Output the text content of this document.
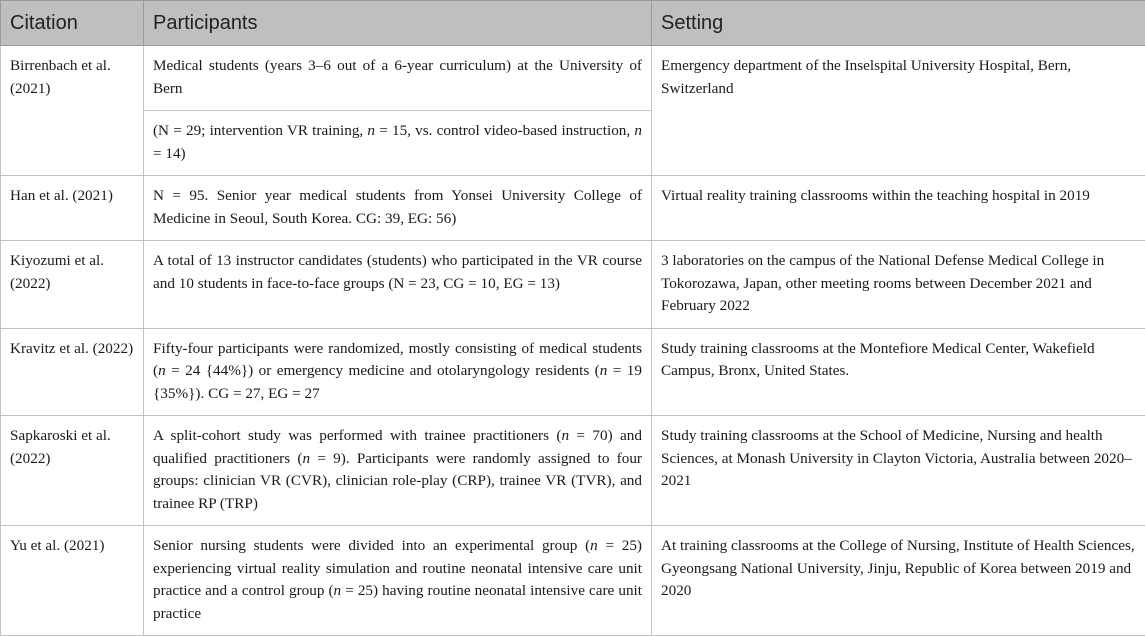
Citation	Participants	Setting
Birrenbach et al. (2021)	Medical students (years 3–6 out of a 6-year curriculum) at the University of Bern	Emergency department of the Inselspital University Hospital, Bern, Switzerland
	(N = 29; intervention VR training, n = 15, vs. control video-based instruction, n = 14)	
Han et al. (2021)	N = 95. Senior year medical students from Yonsei University College of Medicine in Seoul, South Korea. CG: 39, EG: 56)	Virtual reality training classrooms within the teaching hospital in 2019
Kiyozumi et al. (2022)	A total of 13 instructor candidates (students) who participated in the VR course and 10 students in face-to-face groups (N = 23, CG = 10, EG = 13)	3 laboratories on the campus of the National Defense Medical College in Tokorozawa, Japan, other meeting rooms between December 2021 and February 2022
Kravitz et al. (2022)	Fifty-four participants were randomized, mostly consisting of medical students (n = 24 {44%}) or emergency medicine and otolaryngology residents (n = 19 {35%}). CG = 27, EG = 27	Study training classrooms at the Montefiore Medical Center, Wakefield Campus, Bronx, United States.
Sapkaroski et al. (2022)	A split-cohort study was performed with trainee practitioners (n = 70) and qualified practitioners (n = 9). Participants were randomly assigned to four groups: clinician VR (CVR), clinician role-play (CRP), trainee VR (TVR), and trainee RP (TRP)	Study training classrooms at the School of Medicine, Nursing and health Sciences, at Monash University in Clayton Victoria, Australia between 2020–2021
Yu et al. (2021)	Senior nursing students were divided into an experimental group (n = 25) experiencing virtual reality simulation and routine neonatal intensive care unit practice and a control group (n = 25) having routine neonatal intensive care unit practice	At training classrooms at the College of Nursing, Institute of Health Sciences, Gyeongsang National University, Jinju, Republic of Korea between 2019 and 2020
